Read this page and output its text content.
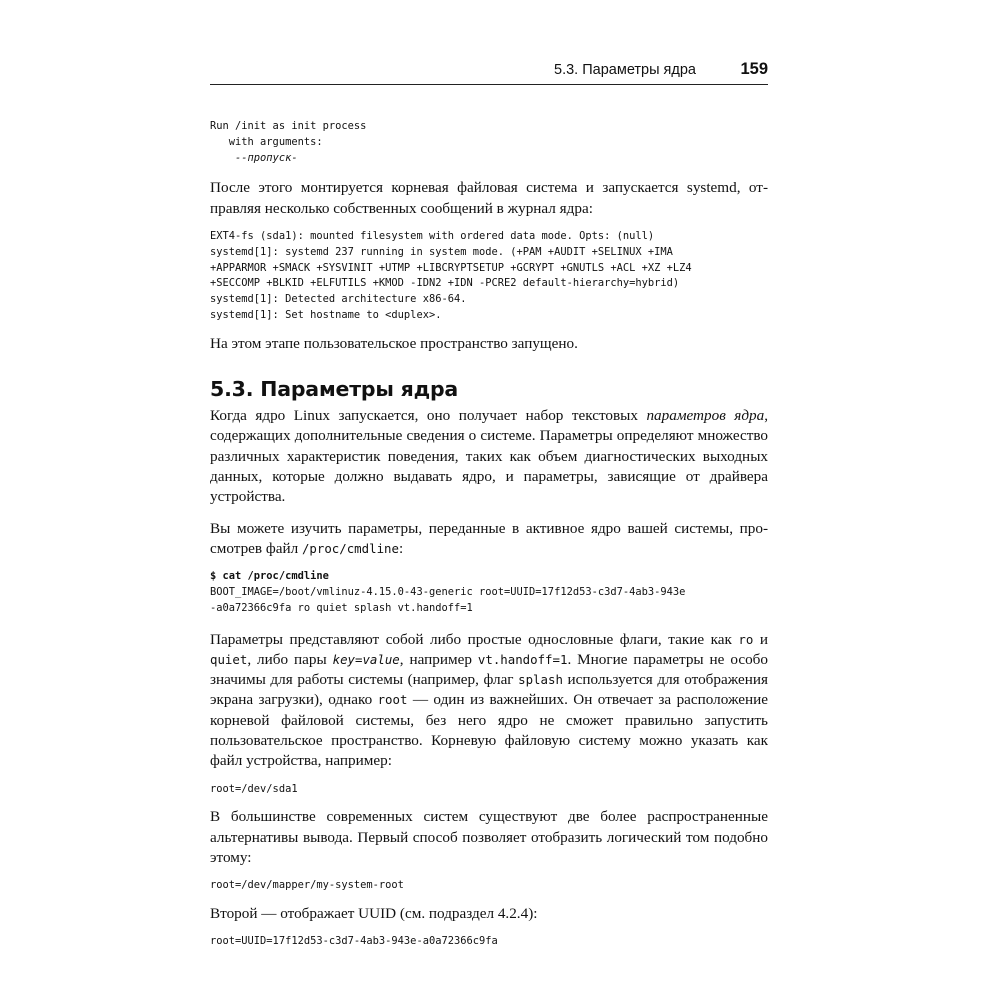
5.3. Параметры ядра	159
Run /init as init process
with arguments:
--пропуск-

После этого монтируется корневая файловая система и запускается systemd, отправляя несколько собственных сообщений в журнал ядра:

EXT4-fs (sda1): mounted filesystem with ordered data mode. Opts: (null)
systemd[1]: systemd 237 running in system mode. (+PAM +AUDIT +SELINUX +IMA
+APPARMOR +SMACK +SYSVINIT +UTMP +LIBCRYPTSETUP +GCRYPT +GNUTLS +ACL +XZ +LZ4
+SECCOMP +BLKID +ELFUTILS +KMOD -IDN2 +IDN -PCRE2 default-hierarchy=hybrid)
systemd[1]: Detected architecture x86-64.
systemd[1]: Set hostname to <duplex>.

На этом этапе пользовательское пространство запущено.

5.3. Параметры ядра

Когда ядро Linux запускается, оно получает набор текстовых параметров ядра, содержащих дополнительные сведения о системе. Параметры определяют множество различных характеристик поведения, таких как объем диагностических выходных данных, которые должно выдавать ядро, и параметры, зависящие от драйвера устройства.

Вы можете изучить параметры, переданные в активное ядро вашей системы, просмотрев файл /proc/cmdline:

$ cat /proc/cmdline
BOOT_IMAGE=/boot/vmlinuz-4.15.0-43-generic root=UUID=17f12d53-c3d7-4ab3-943e
-a0a72366c9fa ro quiet splash vt.handoff=1

Параметры представляют собой либо простые однословные флаги, такие как ro и quiet, либо пары key=value, например vt.handoff=1. Многие параметры не особо значимы для работы системы (например, флаг splash используется для отображения экрана загрузки), однако root — один из важнейших. Он отвечает за расположение корневой файловой системы, без него ядро не сможет правильно запустить пользовательское пространство. Корневую файловую систему можно указать как файл устройства, например:

root=/dev/sda1

В большинстве современных систем существуют две более распространенные альтернативы вывода. Первый способ позволяет отобразить логический том подобно этому:

root=/dev/mapper/my-system-root

Второй — отображает UUID (см. подраздел 4.2.4):

root=UUID=17f12d53-c3d7-4ab3-943e-a0a72366c9fa
